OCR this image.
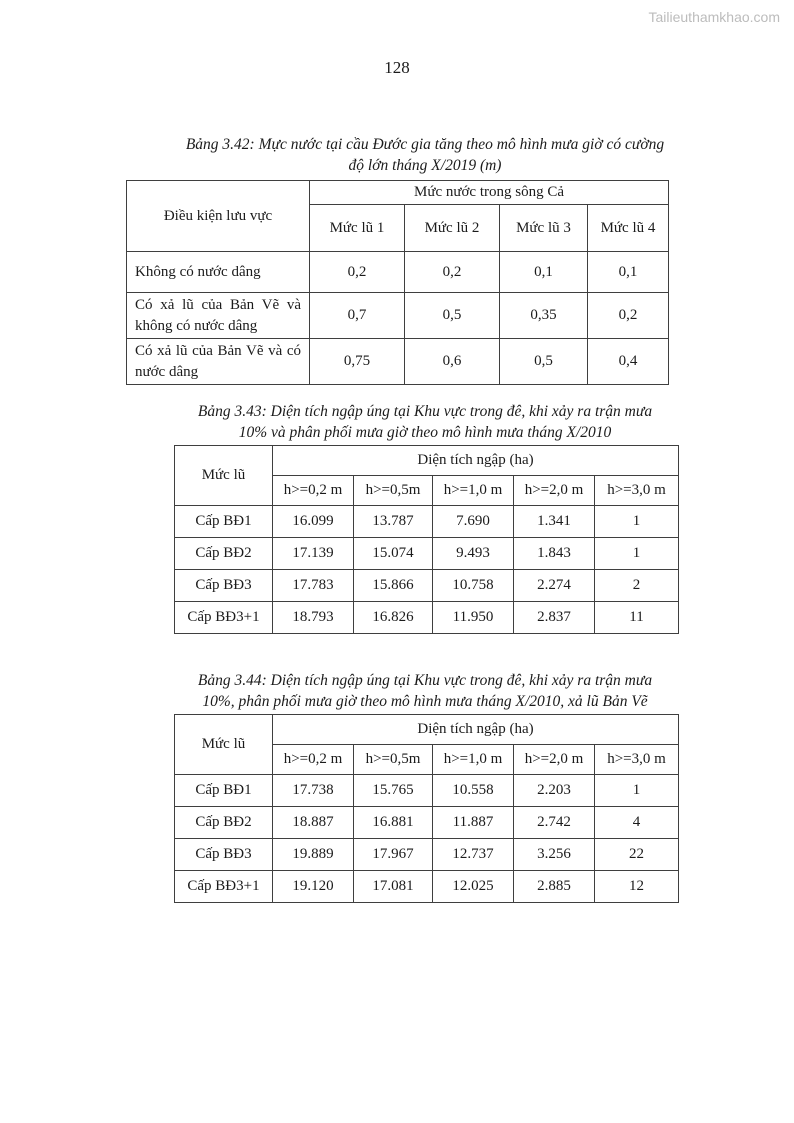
Tailieuthamkhao.com
128
Bảng 3.42: Mực nước tại cầu Đước gia tăng theo mô hình mưa giờ có cường
độ lớn tháng X/2019 (m)
Điều kiện lưu vực	Mức nước trong sông Cả			
	Mức lũ 1	Mức lũ 2	Mức lũ 3	Mức lũ 4
Không có nước dâng	0,2	0,2	0,1	0,1
Có xả lũ của Bản Vẽ và không có nước dâng	0,7	0,5	0,35	0,2
Có xả lũ của Bản Vẽ và có nước dâng	0,75	0,6	0,5	0,4
Bảng 3.43: Diện tích ngập úng tại Khu vực trong đê, khi xảy ra trận mưa
10% và phân phối mưa giờ theo mô hình mưa tháng X/2010
Mức lũ	Diện tích ngập (ha)				
	h>=0,2 m	h>=0,5m	h>=1,0 m	h>=2,0 m	h>=3,0 m
Cấp BĐ1	16.099	13.787	7.690	1.341	1
Cấp BĐ2	17.139	15.074	9.493	1.843	1
Cấp BĐ3	17.783	15.866	10.758	2.274	2
Cấp BĐ3+1	18.793	16.826	11.950	2.837	11
Bảng 3.44: Diện tích ngập úng tại Khu vực trong đê, khi xảy ra trận mưa
10%, phân phối mưa giờ theo mô hình mưa tháng X/2010, xả lũ Bản Vẽ
Mức lũ	Diện tích ngập (ha)				
	h>=0,2 m	h>=0,5m	h>=1,0 m	h>=2,0 m	h>=3,0 m
Cấp BĐ1	17.738	15.765	10.558	2.203	1
Cấp BĐ2	18.887	16.881	11.887	2.742	4
Cấp BĐ3	19.889	17.967	12.737	3.256	22
Cấp BĐ3+1	19.120	17.081	12.025	2.885	12
